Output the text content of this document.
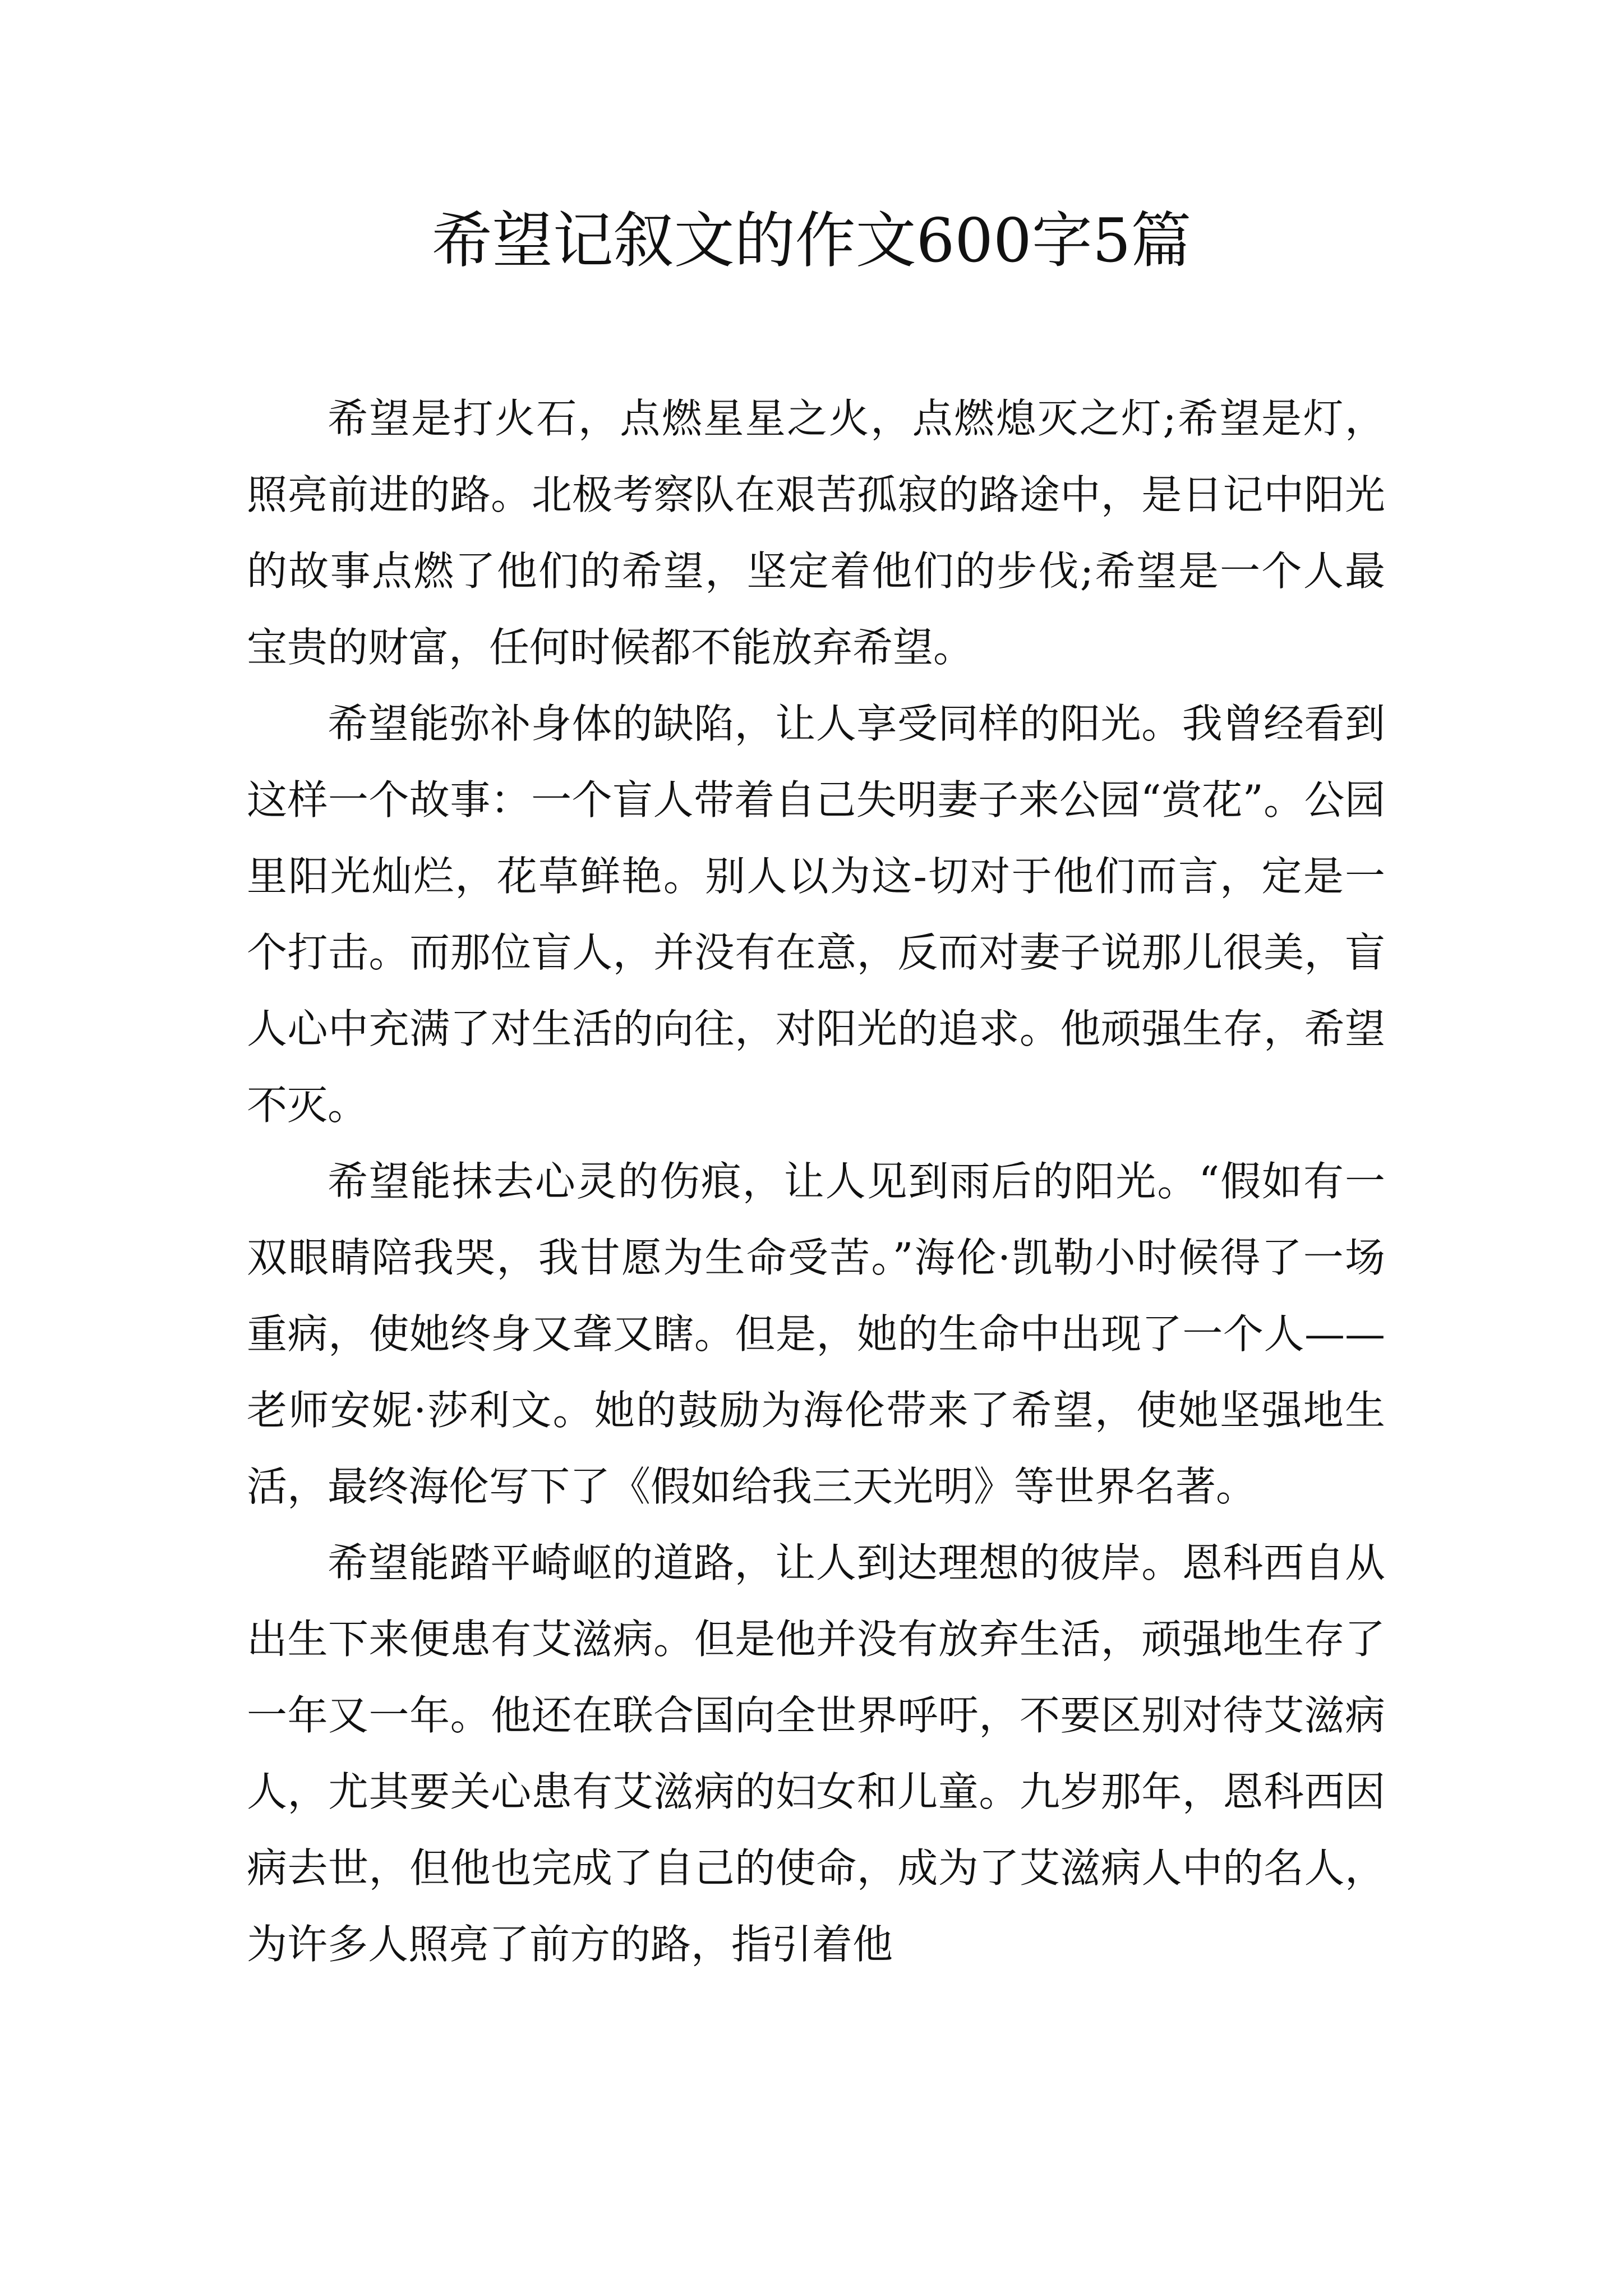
希望记叙文的作文600字5篇

希望是打火石，点燃星星之火，点燃熄灭之灯;希望是灯，照亮前进的路。北极考察队在艰苦孤寂的路途中，是日记中阳光的故事点燃了他们的希望，坚定着他们的步伐;希望是一个人最宝贵的财富，任何时候都不能放弃希望。

希望能弥补身体的缺陷，让人享受同样的阳光。我曾经看到这样一个故事：一个盲人带着自己失明妻子来公园“赏花”。公园里阳光灿烂，花草鲜艳。别人以为这-切对于他们而言，定是一个打击。而那位盲人，并没有在意，反而对妻子说那儿很美，盲人心中充满了对生活的向往，对阳光的追求。他顽强生存，希望不灭。

希望能抹去心灵的伤痕，让人见到雨后的阳光。“假如有一双眼睛陪我哭，我甘愿为生命受苦。”海伦·凯勒小时候得了一场重病，使她终身又聋又瞎。但是，她的生命中出现了一个人——老师安妮·莎利文。她的鼓励为海伦带来了希望，使她坚强地生活，最终海伦写下了《假如给我三天光明》等世界名著。

希望能踏平崎岖的道路，让人到达理想的彼岸。恩科西自从出生下来便患有艾滋病。但是他并没有放弃生活，顽强地生存了一年又一年。他还在联合国向全世界呼吁，不要区别对待艾滋病人，尤其要关心患有艾滋病的妇女和儿童。九岁那年，恩科西因病去世，但他也完成了自己的使命，成为了艾滋病人中的名人，为许多人照亮了前方的路，指引着他
